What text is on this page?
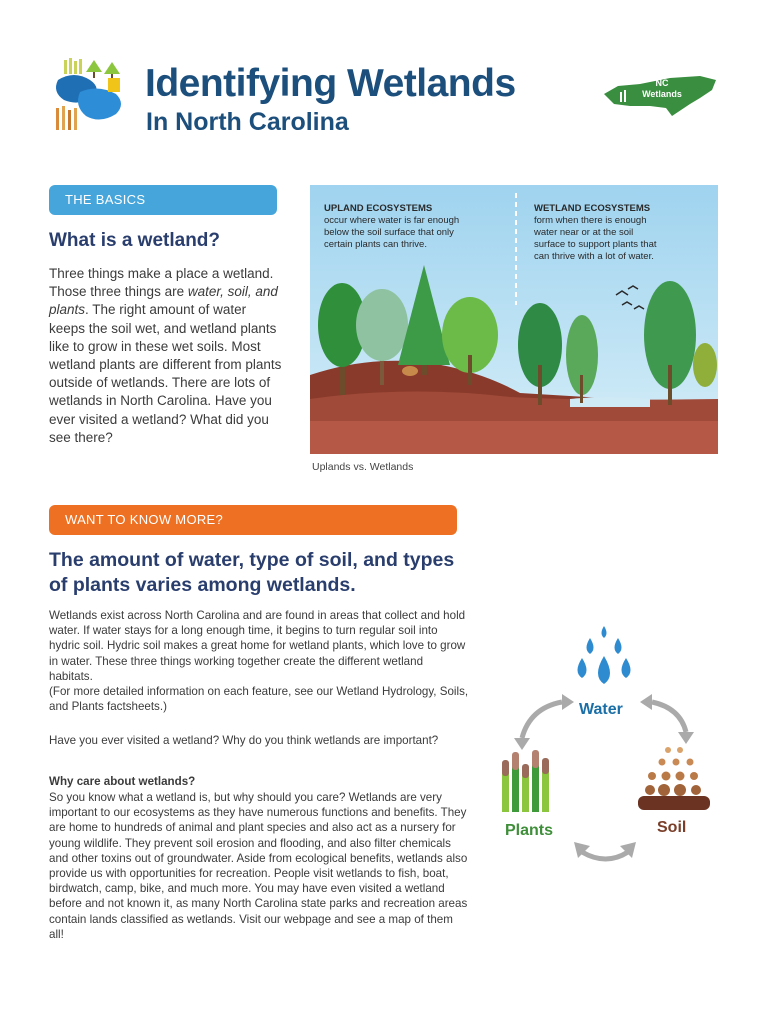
Identifying Wetlands
In North Carolina
NC
Wetlands
THE BASICS
What is a wetland?

Three things make a place a wetland. Those three things are water, soil, and plants. The right amount of water keeps the soil wet, and wetland plants like to grow in these wet soils. Most wetland plants are different from plants outside of wetlands. There are lots of wetlands in North Carolina. Have you ever visited a wetland? What did you see there?

UPLAND ECOSYSTEMS
occur where water is far enough
below the soil surface that only
certain plants can thrive.
WETLAND ECOSYSTEMS
form when there is enough
water near or at the soil
surface to support plants that
can thrive with a lot of water.

Uplands vs. Wetlands

WANT TO KNOW MORE?
The amount of water, type of soil, and types of plants varies among wetlands.
Wetlands exist across North Carolina and are found in areas that collect and hold water. If water stays for a long enough time, it begins to turn regular soil into hydric soil. Hydric soil makes a great home for wetland plants, which love to grow in water. These three things working together create the different wetland habitats.
(For more detailed information on each feature, see our Wetland Hydrology, Soils, and Plants factsheets.)

Have you ever visited a wetland? Why do you think wetlands are important?

Why care about wetlands?

So you know what a wetland is, but why should you care? Wetlands are very important to our ecosystems as they have numerous functions and benefits. They are home to hundreds of animal and plant species and also act as a nursery for young wildlife. They prevent soil erosion and flooding, and also filter chemicals and other toxins out of groundwater. Aside from ecological benefits, wetlands also provide us with opportunities for recreation. People visit wetlands to fish, boat, birdwatch, camp, bike, and much more. You may have even visited a wetland before and not known it, as many North Carolina state parks and recreation areas contain lands classified as wetlands. Visit our webpage and see a map of them all!

Water
Plants	Soil
